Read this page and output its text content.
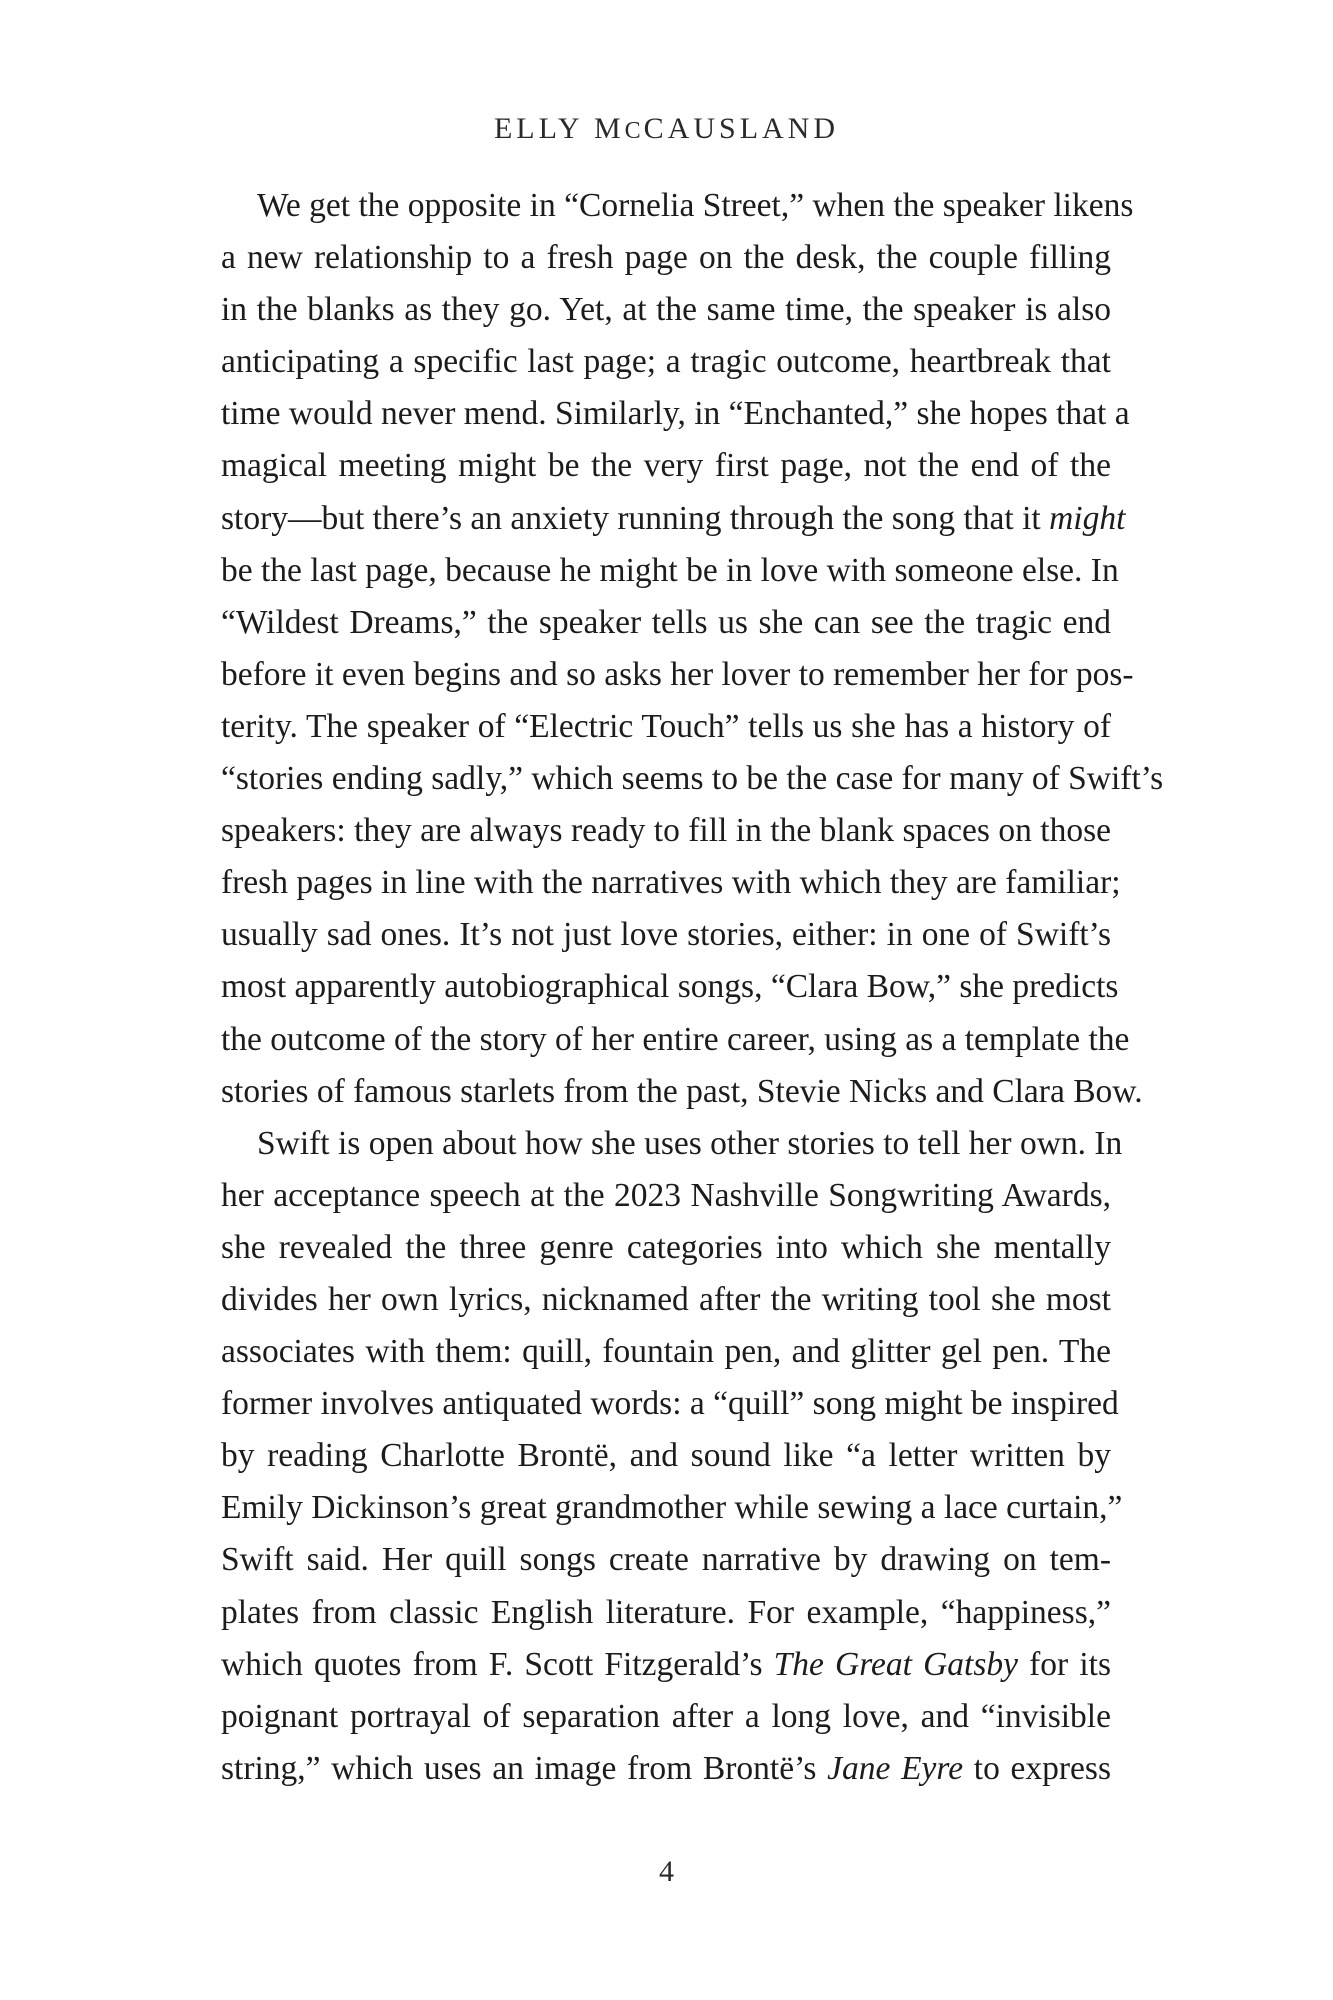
ELLY MCCAUSLAND
We get the opposite in “Cornelia Street,” when the speaker likens
a new relationship to a fresh page on the desk, the couple filling
in the blanks as they go. Yet, at the same time, the speaker is also
anticipating a specific last page; a tragic outcome, heartbreak that
time would never mend. Similarly, in “Enchanted,” she hopes that a
magical meeting might be the very first page, not the end of the
story—but there’s an anxiety running through the song that it might
be the last page, because he might be in love with someone else. In
“Wildest Dreams,” the speaker tells us she can see the tragic end
before it even begins and so asks her lover to remember her for pos-
terity. The speaker of “Electric Touch” tells us she has a history of
“stories ending sadly,” which seems to be the case for many of Swift’s
speakers: they are always ready to fill in the blank spaces on those
fresh pages in line with the narratives with which they are familiar;
usually sad ones. It’s not just love stories, either: in one of Swift’s
most apparently autobiographical songs, “Clara Bow,” she predicts
the outcome of the story of her entire career, using as a template the
stories of famous starlets from the past, Stevie Nicks and Clara Bow.
Swift is open about how she uses other stories to tell her own. In
her acceptance speech at the 2023 Nashville Songwriting Awards,
she revealed the three genre categories into which she mentally
divides her own lyrics, nicknamed after the writing tool she most
associates with them: quill, fountain pen, and glitter gel pen. The
former involves antiquated words: a “quill” song might be inspired
by reading Charlotte Brontë, and sound like “a letter written by
Emily Dickinson’s great grandmother while sewing a lace curtain,”
Swift said. Her quill songs create narrative by drawing on tem-
plates from classic English literature. For example, “happiness,”
which quotes from F. Scott Fitzgerald’s The Great Gatsby for its
poignant portrayal of separation after a long love, and “invisible
string,” which uses an image from Brontë’s Jane Eyre to express
4
